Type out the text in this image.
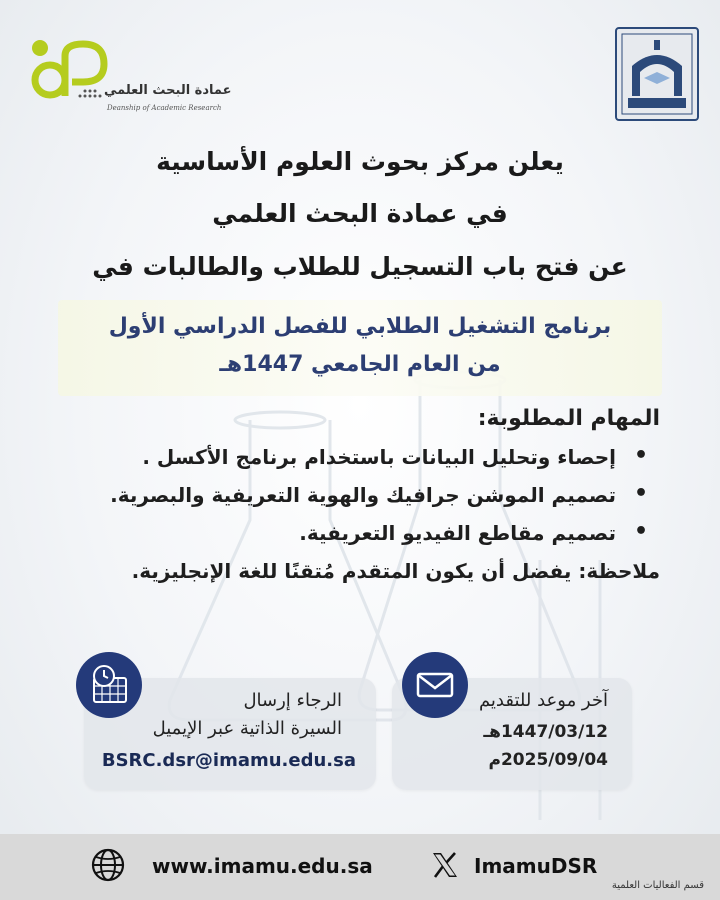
عمادة البحث العلمي
Deanship of Academic Research
يعلن مركز بحوث العلوم الأساسية
في عمادة البحث العلمي
عن فتح باب التسجيل للطلاب والطالبات في
برنامج التشغيل الطلابي للفصل الدراسي الأول
من العام الجامعي 1447هـ
المهام المطلوبة:
•
إحصاء وتحليل البيانات باستخدام برنامج الأكسل .
•
تصميم الموشن جرافيك والهوية التعريفية والبصرية.
•
تصميم مقاطع الفيديو التعريفية.
ملاحظة: يفضل أن يكون المتقدم مُتقنًا للغة الإنجليزية.
الرجاء إرسال
السيرة الذاتية عبر الإيميل
BSRC.dsr@imamu.edu.sa
آخر موعد للتقديم
1447/03/12هـ
2025/09/04م
www.imamu.edu.sa	ImamuDSR
قسم الفعاليات العلمية
